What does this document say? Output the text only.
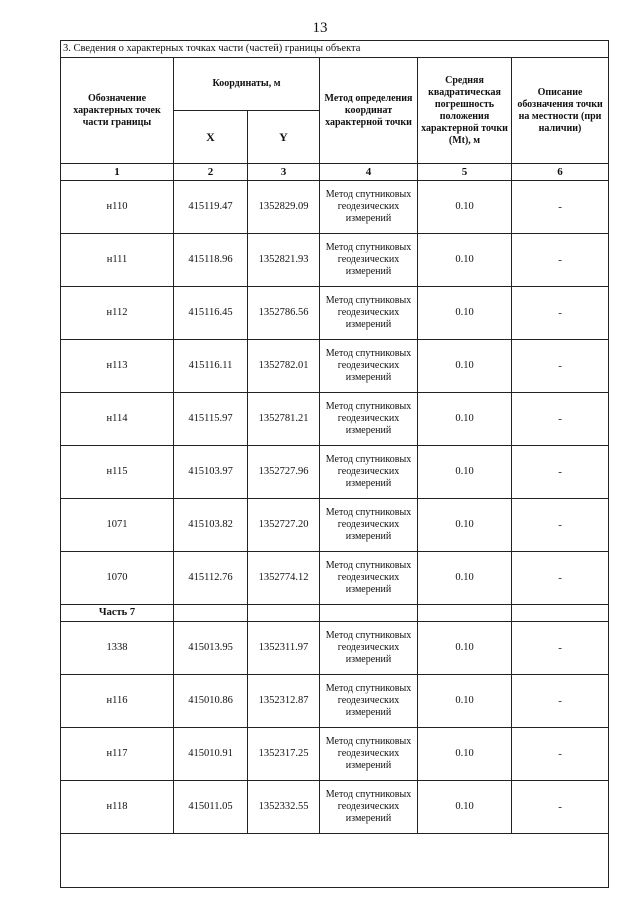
13
3. Сведения о характерных точках части (частей) границы объекта					
Обозначение характерных точек части границы	Координаты, м		Метод определения координат характерной точки	Средняя квадратическая погрешность положения характерной точки (Mt), м	Описание обозначения точки на местности (при наличии)
	X	Y			
1	2	3	4	5	6
н110	415119.47	1352829.09	Метод спутниковых геодезических измерений	0.10	-
н111	415118.96	1352821.93	Метод спутниковых геодезических измерений	0.10	-
н112	415116.45	1352786.56	Метод спутниковых геодезических измерений	0.10	-
н113	415116.11	1352782.01	Метод спутниковых геодезических измерений	0.10	-
н114	415115.97	1352781.21	Метод спутниковых геодезических измерений	0.10	-
н115	415103.97	1352727.96	Метод спутниковых геодезических измерений	0.10	-
1071	415103.82	1352727.20	Метод спутниковых геодезических измерений	0.10	-
1070	415112.76	1352774.12	Метод спутниковых геодезических измерений	0.10	-
Часть 7					
1338	415013.95	1352311.97	Метод спутниковых геодезических измерений	0.10	-
н116	415010.86	1352312.87	Метод спутниковых геодезических измерений	0.10	-
н117	415010.91	1352317.25	Метод спутниковых геодезических измерений	0.10	-
н118	415011.05	1352332.55	Метод спутниковых геодезических измерений	0.10	-
